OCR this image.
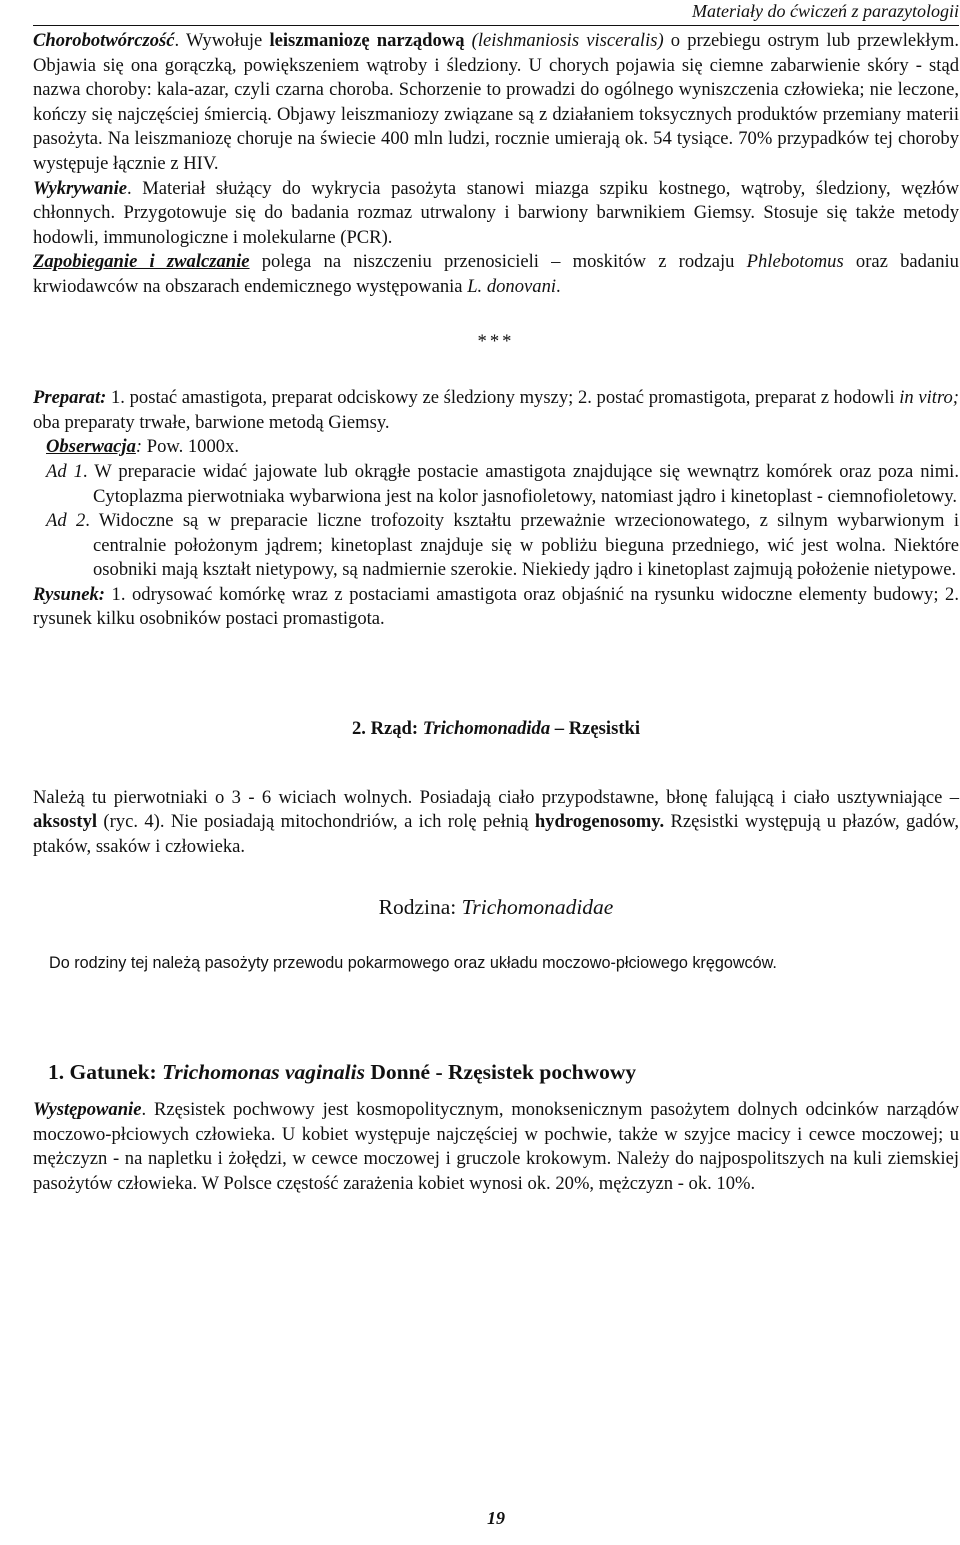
Materiały do ćwiczeń z parazytologii

Chorobotwórczość. Wywołuje leiszmaniozę narządową (leishmaniosis visceralis) o przebiegu ostrym lub przewlekłym. Objawia się ona gorączką, powiększeniem wątroby i śledziony. U chorych pojawia się ciemne zabarwienie skóry - stąd nazwa choroby: kala-azar, czyli czarna choroba. Schorzenie to prowadzi do ogólnego wyniszczenia człowieka; nie leczone, kończy się najczęściej śmiercią. Objawy leiszmaniozy związane są z działaniem toksycznych produktów przemiany materii pasożyta. Na leiszmaniozę choruje na świecie 400 mln ludzi, rocznie umierają ok. 54 tysiące. 70% przypadków tej choroby występuje łącznie z HIV.

Wykrywanie. Materiał służący do wykrycia pasożyta stanowi miazga szpiku kostnego, wątroby, śledziony, węzłów chłonnych. Przygotowuje się do badania rozmaz utrwalony i barwiony barwnikiem Giemsy. Stosuje się także metody hodowli, immunologiczne i molekularne (PCR).

Zapobieganie i zwalczanie polega na niszczeniu przenosicieli – moskitów z rodzaju Phlebotomus oraz badaniu krwiodawców na obszarach endemicznego występowania L. donovani.

***

Preparat: 1. postać amastigota, preparat odciskowy ze śledziony myszy; 2. postać promastigota, preparat z hodowli in vitro; oba preparaty trwałe, barwione metodą Giemsy.

Obserwacja: Pow. 1000x.

Ad 1. W preparacie widać jajowate lub okrągłe postacie amastigota znajdujące się wewnątrz komórek oraz poza nimi. Cytoplazma pierwotniaka wybarwiona jest na kolor jasnofioletowy, natomiast jądro i kinetoplast - ciemnofioletowy.

Ad 2. Widoczne są w preparacie liczne trofozoity kształtu przeważnie wrzecionowatego, z silnym wybarwionym i centralnie położonym jądrem; kinetoplast znajduje się w pobliżu bieguna przedniego, wić jest wolna. Niektóre osobniki mają kształt nietypowy, są nadmiernie szerokie. Niekiedy jądro i kinetoplast zajmują położenie nietypowe.

Rysunek: 1. odrysować komórkę wraz z postaciami amastigota oraz objaśnić na rysunku widoczne elementy budowy; 2. rysunek kilku osobników postaci promastigota.

2. Rząd: Trichomonadida – Rzęsistki

Należą tu pierwotniaki o 3 - 6 wiciach wolnych. Posiadają ciało przypodstawne, błonę falującą i ciało usztywniające – aksostyl (ryc. 4). Nie posiadają mitochondriów, a ich rolę pełnią hydrogenosomy. Rzęsistki występują u płazów, gadów, ptaków, ssaków i człowieka.

Rodzina: Trichomonadidae

Do rodziny tej należą pasożyty przewodu pokarmowego oraz układu moczowo-płciowego kręgowców.

1. Gatunek: Trichomonas vaginalis Donné - Rzęsistek pochwowy

Występowanie. Rzęsistek pochwowy jest kosmopolitycznym, monoksenicznym pasożytem dolnych odcinków narządów moczowo-płciowych człowieka. U kobiet występuje najczęściej w pochwie, także w szyjce macicy i cewce moczowej; u mężczyzn - na napletku i żołędzi, w cewce moczowej i gruczole krokowym. Należy do najpospolitszych na kuli ziemskiej pasożytów człowieka. W Polsce częstość zarażenia kobiet wynosi ok. 20%, mężczyzn - ok. 10%.

19
